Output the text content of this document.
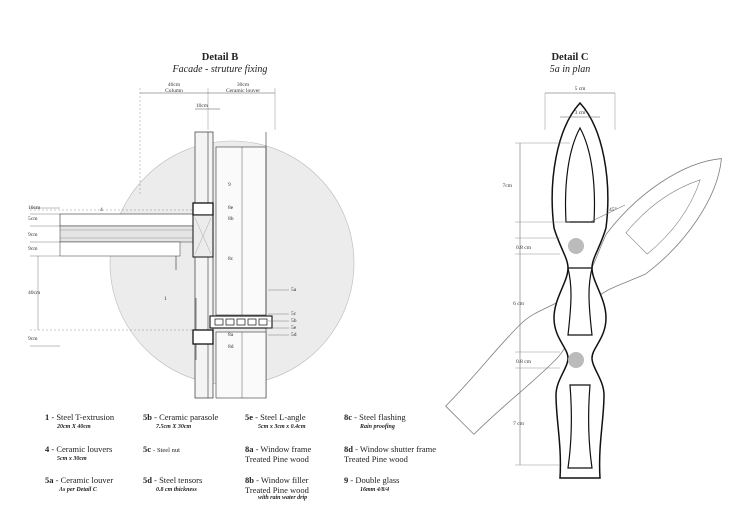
Detail B
Facade - struture fixing
Detail C
5a in plan
40cm
Column
30cm
Ceramic louver
10cm
10cm
5cm
9cm
9cm
40cm
9cm
9
8e
8b
8c
5a
1
8a
8d
5c
5b
5e
5d
4
5 cm
3 cm
7cm
0.8 cm
6 cm
0.8 cm
7 cm
45°
1 - Steel T-extrusion
20cm X 40cm
4 - Ceramic louvers
5cm x 30cm
5a - Ceramic louver
As per Detail C
5b - Ceramic parasole
7.5cm X 30cm
5c - Steel nut
5d - Steel tensors
0.8 cm thickness
5e - Steel L-angle
5cm x 3cm x 0.4cm
8a - Window frame
Treated Pine wood
8b - Window filler
Treated Pine wood
with rain water drip
8c - Steel flashing
Rain proofing
8d - Window shutter frame
Treated Pine wood
9 - Double glass
16mm 4/8/4
